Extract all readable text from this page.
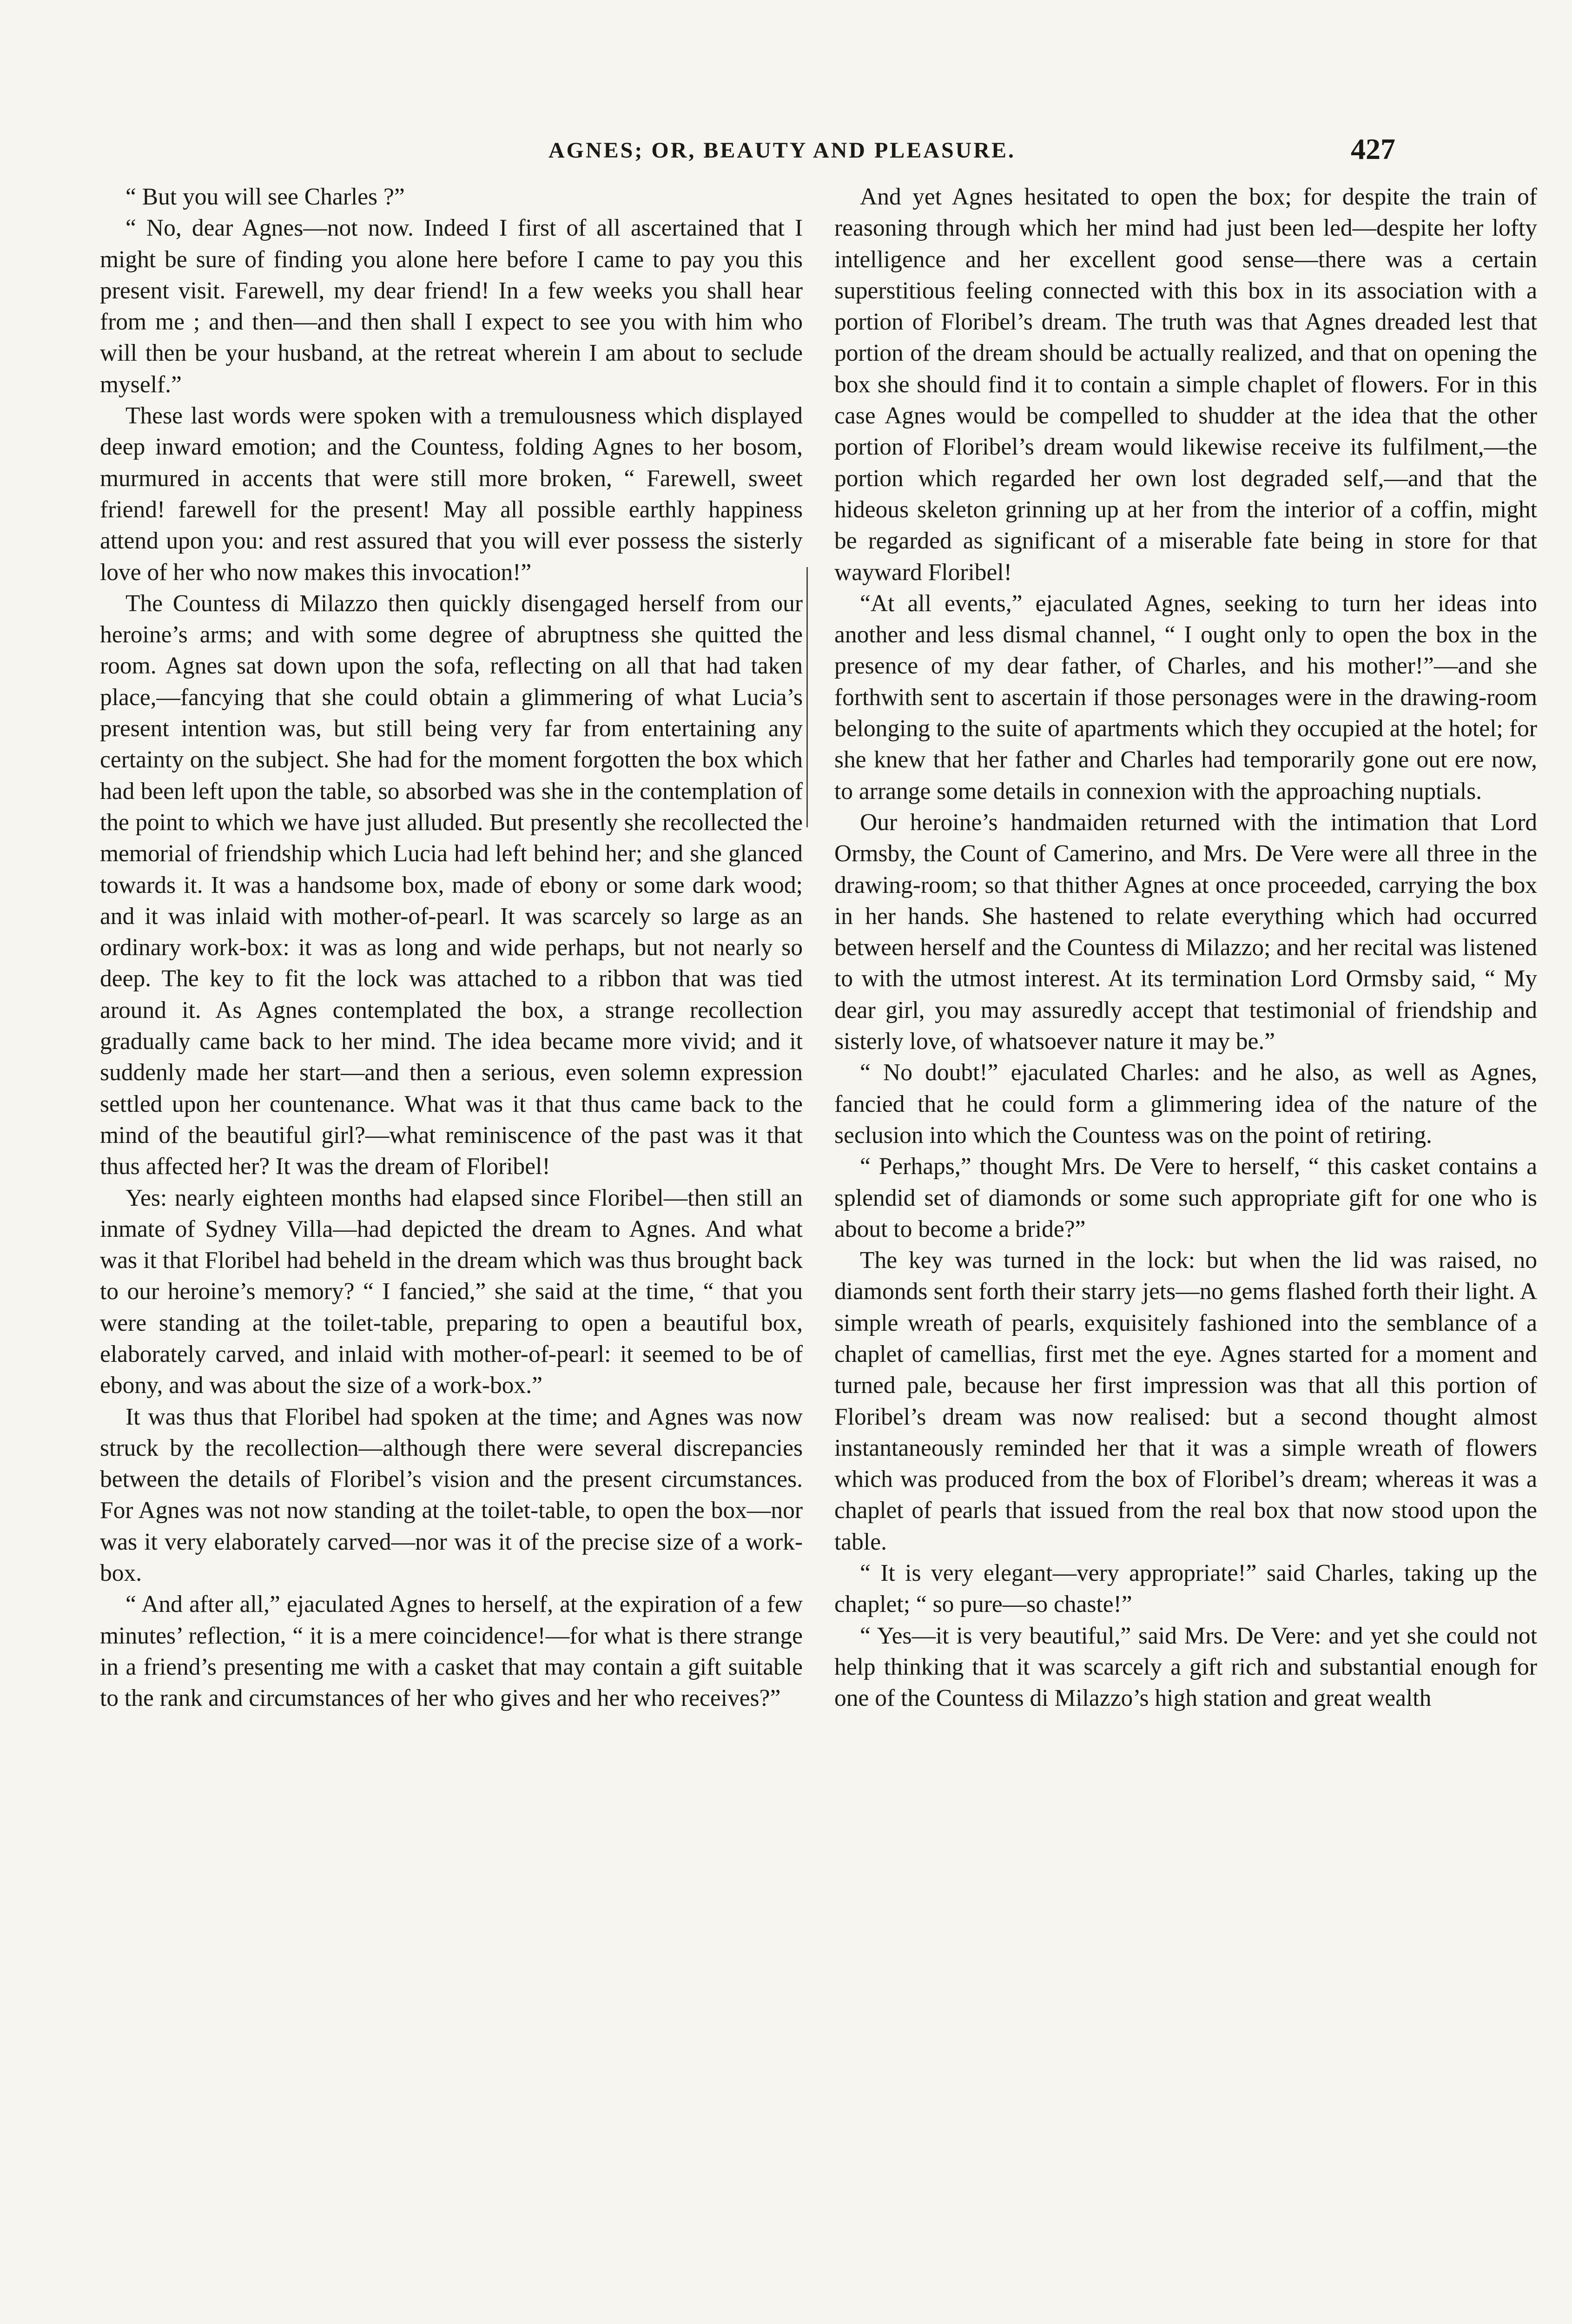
AGNES; OR, BEAUTY AND PLEASURE.	427

“ But you will see Charles ?”

“ No, dear Agnes—not now. Indeed I first of all ascertained that I might be sure of finding you alone here before I came to pay you this present visit. Farewell, my dear friend! In a few weeks you shall hear from me ; and then—and then shall I expect to see you with him who will then be your husband, at the retreat wherein I am about to seclude myself.”

These last words were spoken with a tremulousness which displayed deep inward emotion; and the Countess, folding Agnes to her bosom, murmured in accents that were still more broken, “ Farewell, sweet friend! farewell for the present! May all possible earthly happiness attend upon you: and rest assured that you will ever possess the sisterly love of her who now makes this invocation!”

The Countess di Milazzo then quickly disengaged herself from our heroine’s arms; and with some degree of abruptness she quitted the room. Agnes sat down upon the sofa, reflecting on all that had taken place,—fancying that she could obtain a glimmering of what Lucia’s present intention was, but still being very far from entertaining any certainty on the subject. She had for the moment forgotten the box which had been left upon the table, so absorbed was she in the contemplation of the point to which we have just alluded. But presently she recollected the memorial of friendship which Lucia had left behind her; and she glanced towards it. It was a handsome box, made of ebony or some dark wood; and it was inlaid with mother-of-pearl. It was scarcely so large as an ordinary work-box: it was as long and wide perhaps, but not nearly so deep. The key to fit the lock was attached to a ribbon that was tied around it. As Agnes contemplated the box, a strange recollection gradually came back to her mind. The idea became more vivid; and it suddenly made her start—and then a serious, even solemn expression settled upon her countenance. What was it that thus came back to the mind of the beautiful girl?—what reminiscence of the past was it that thus affected her? It was the dream of Floribel!

Yes: nearly eighteen months had elapsed since Floribel—then still an inmate of Sydney Villa—had depicted the dream to Agnes. And what was it that Floribel had beheld in the dream which was thus brought back to our heroine’s memory? “ I fancied,” she said at the time, “ that you were standing at the toilet-table, preparing to open a beautiful box, elaborately carved, and inlaid with mother-of-pearl: it seemed to be of ebony, and was about the size of a work-box.”

It was thus that Floribel had spoken at the time; and Agnes was now struck by the recollection—although there were several discrepancies between the details of Floribel’s vision and the present circumstances. For Agnes was not now standing at the toilet-table, to open the box—nor was it very elaborately carved—nor was it of the precise size of a work-box.

“ And after all,” ejaculated Agnes to herself, at the expiration of a few minutes’ reflection, “ it is a mere coincidence!—for what is there strange in a friend’s presenting me with a casket that may contain a gift suitable to the rank and circumstances of her who gives and her who receives?”

And yet Agnes hesitated to open the box; for despite the train of reasoning through which her mind had just been led—despite her lofty intelligence and her excellent good sense—there was a certain superstitious feeling connected with this box in its association with a portion of Floribel’s dream. The truth was that Agnes dreaded lest that portion of the dream should be actually realized, and that on opening the box she should find it to contain a simple chaplet of flowers. For in this case Agnes would be compelled to shudder at the idea that the other portion of Floribel’s dream would likewise receive its fulfilment,—the portion which regarded her own lost degraded self,—and that the hideous skeleton grinning up at her from the interior of a coffin, might be regarded as significant of a miserable fate being in store for that wayward Floribel!

“At all events,” ejaculated Agnes, seeking to turn her ideas into another and less dismal channel, “ I ought only to open the box in the presence of my dear father, of Charles, and his mother!”—and she forthwith sent to ascertain if those personages were in the drawing-room belonging to the suite of apartments which they occupied at the hotel; for she knew that her father and Charles had temporarily gone out ere now, to arrange some details in connexion with the approaching nuptials.

Our heroine’s handmaiden returned with the intimation that Lord Ormsby, the Count of Camerino, and Mrs. De Vere were all three in the drawing-room; so that thither Agnes at once proceeded, carrying the box in her hands. She hastened to relate everything which had occurred between herself and the Countess di Milazzo; and her recital was listened to with the utmost interest. At its termination Lord Ormsby said, “ My dear girl, you may assuredly accept that testimonial of friendship and sisterly love, of whatsoever nature it may be.”

“ No doubt!” ejaculated Charles: and he also, as well as Agnes, fancied that he could form a glimmering idea of the nature of the seclusion into which the Countess was on the point of retiring.

“ Perhaps,” thought Mrs. De Vere to herself, “ this casket contains a splendid set of diamonds or some such appropriate gift for one who is about to become a bride?”

The key was turned in the lock: but when the lid was raised, no diamonds sent forth their starry jets—no gems flashed forth their light. A simple wreath of pearls, exquisitely fashioned into the semblance of a chaplet of camellias, first met the eye. Agnes started for a moment and turned pale, because her first impression was that all this portion of Floribel’s dream was now realised: but a second thought almost instantaneously reminded her that it was a simple wreath of flowers which was produced from the box of Floribel’s dream; whereas it was a chaplet of pearls that issued from the real box that now stood upon the table.

“ It is very elegant—very appropriate!” said Charles, taking up the chaplet; “ so pure—so chaste!”

“ Yes—it is very beautiful,” said Mrs. De Vere: and yet she could not help thinking that it was scarcely a gift rich and substantial enough for one of the Countess di Milazzo’s high station and great wealth
